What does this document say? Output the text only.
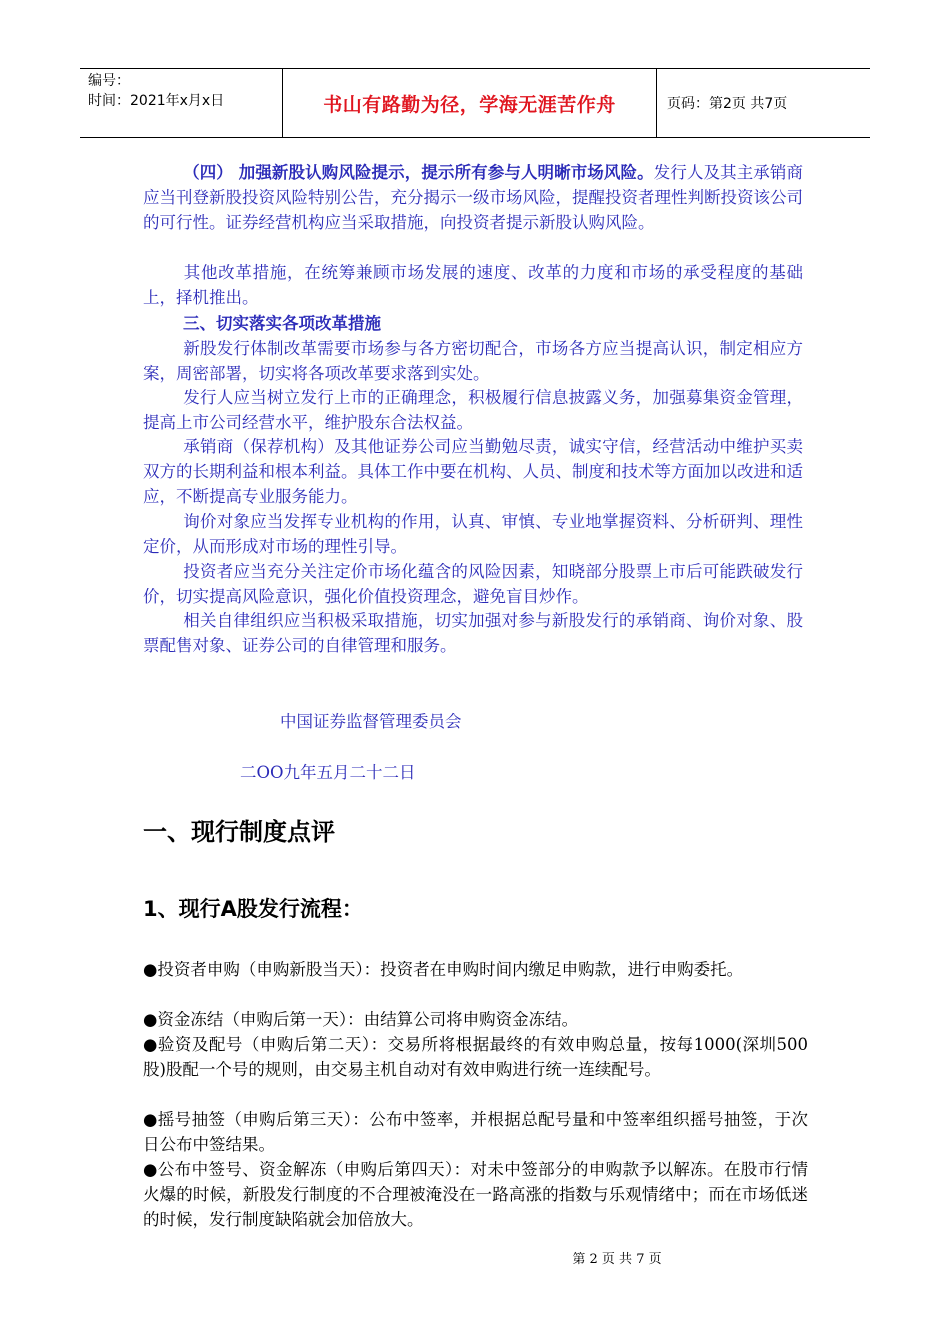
编号：
时间：2021年x月x日	书山有路勤为径，学海无涯苦作舟	页码：第2页 共7页
（四） 加强新股认购风险提示，提示所有参与人明晰市场风险。发行人及其主承销商应当刊登新股投资风险特别公告，充分揭示一级市场风险，提醒投资者理性判断投资该公司的可行性。证券经营机构应当采取措施，向投资者提示新股认购风险。
其他改革措施，在统筹兼顾市场发展的速度、改革的力度和市场的承受程度的基础上，择机推出。
三、切实落实各项改革措施
新股发行体制改革需要市场参与各方密切配合，市场各方应当提高认识，制定相应方案，周密部署，切实将各项改革要求落到实处。
发行人应当树立发行上市的正确理念，积极履行信息披露义务，加强募集资金管理，提高上市公司经营水平，维护股东合法权益。
承销商（保荐机构）及其他证券公司应当勤勉尽责，诚实守信，经营活动中维护买卖双方的长期利益和根本利益。具体工作中要在机构、人员、制度和技术等方面加以改进和适应，不断提高专业服务能力。
询价对象应当发挥专业机构的作用，认真、审慎、专业地掌握资料、分析研判、理性定价，从而形成对市场的理性引导。
投资者应当充分关注定价市场化蕴含的风险因素，知晓部分股票上市后可能跌破发行价，切实提高风险意识，强化价值投资理念，避免盲目炒作。
相关自律组织应当积极采取措施，切实加强对参与新股发行的承销商、询价对象、股票配售对象、证券公司的自律管理和服务。
中国证券监督管理委员会
二OO九年五月二十二日
一、现行制度点评
1、现行A股发行流程：
●投资者申购（申购新股当天）：投资者在申购时间内缴足申购款，进行申购委托。
●资金冻结（申购后第一天）：由结算公司将申购资金冻结。
●验资及配号（申购后第二天）：交易所将根据最终的有效申购总量，按每1000(深圳500股)股配一个号的规则，由交易主机自动对有效申购进行统一连续配号。
●摇号抽签（申购后第三天）：公布中签率，并根据总配号量和中签率组织摇号抽签，于次日公布中签结果。
●公布中签号、资金解冻（申购后第四天）：对未中签部分的申购款予以解冻。在股市行情火爆的时候，新股发行制度的不合理被淹没在一路高涨的指数与乐观情绪中；而在市场低迷的时候，发行制度缺陷就会加倍放大。
第 2 页 共 7 页
